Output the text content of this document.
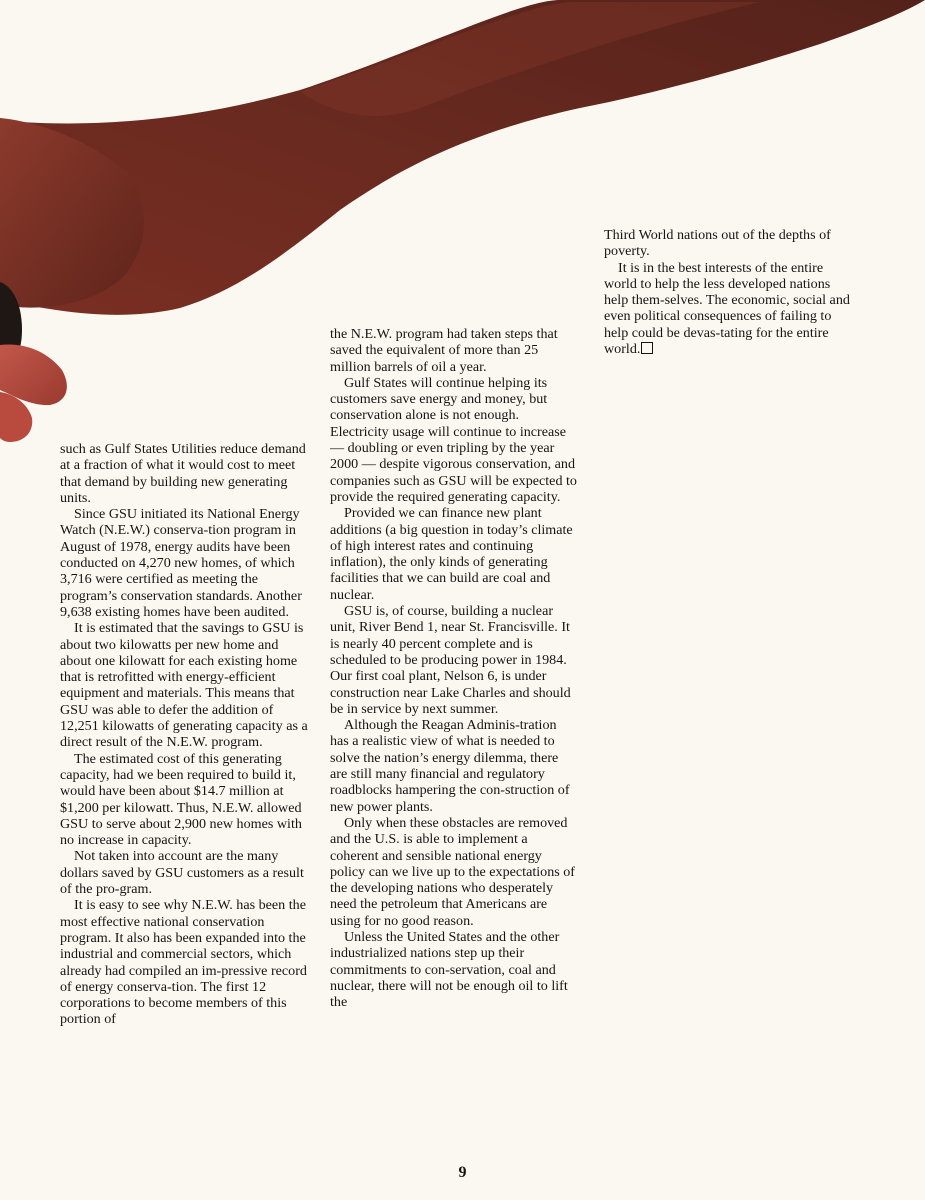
such as Gulf States Utilities reduce demand at a fraction of what it would cost to meet that demand by building new generating units.

Since GSU initiated its National Energy Watch (N.E.W.) conserva-tion program in August of 1978, energy audits have been conducted on 4,270 new homes, of which 3,716 were certified as meeting the program’s conservation standards. Another 9,638 existing homes have been audited.

It is estimated that the savings to GSU is about two kilowatts per new home and about one kilowatt for each existing home that is retrofitted with energy-efficient equipment and materials. This means that GSU was able to defer the addition of 12,251 kilowatts of generating capacity as a direct result of the N.E.W. program.

The estimated cost of this generating capacity, had we been required to build it, would have been about $14.7 million at $1,200 per kilowatt. Thus, N.E.W. allowed GSU to serve about 2,900 new homes with no increase in capacity.

Not taken into account are the many dollars saved by GSU customers as a result of the pro-gram.

It is easy to see why N.E.W. has been the most effective national conservation program. It also has been expanded into the industrial and commercial sectors, which already had compiled an im-pressive record of energy conserva-tion. The first 12 corporations to become members of this portion of

the N.E.W. program had taken steps that saved the equivalent of more than 25 million barrels of oil a year.

Gulf States will continue helping its customers save energy and money, but conservation alone is not enough. Electricity usage will continue to increase — doubling or even tripling by the year 2000 — despite vigorous conservation, and companies such as GSU will be expected to provide the required generating capacity.

Provided we can finance new plant additions (a big question in today’s climate of high interest rates and continuing inflation), the only kinds of generating facilities that we can build are coal and nuclear.

GSU is, of course, building a nuclear unit, River Bend 1, near St. Francisville. It is nearly 40 percent complete and is scheduled to be producing power in 1984. Our first coal plant, Nelson 6, is under construction near Lake Charles and should be in service by next summer.

Although the Reagan Adminis-tration has a realistic view of what is needed to solve the nation’s energy dilemma, there are still many financial and regulatory roadblocks hampering the con-struction of new power plants.

Only when these obstacles are removed and the U.S. is able to implement a coherent and sensible national energy policy can we live up to the expectations of the developing nations who desperately need the petroleum that Americans are using for no good reason.

Unless the United States and the other industrialized nations step up their commitments to con-servation, coal and nuclear, there will not be enough oil to lift the

Third World nations out of the depths of poverty.

It is in the best interests of the entire world to help the less developed nations help them-selves. The economic, social and even political consequences of failing to help could be devas-tating for the entire world.

9
